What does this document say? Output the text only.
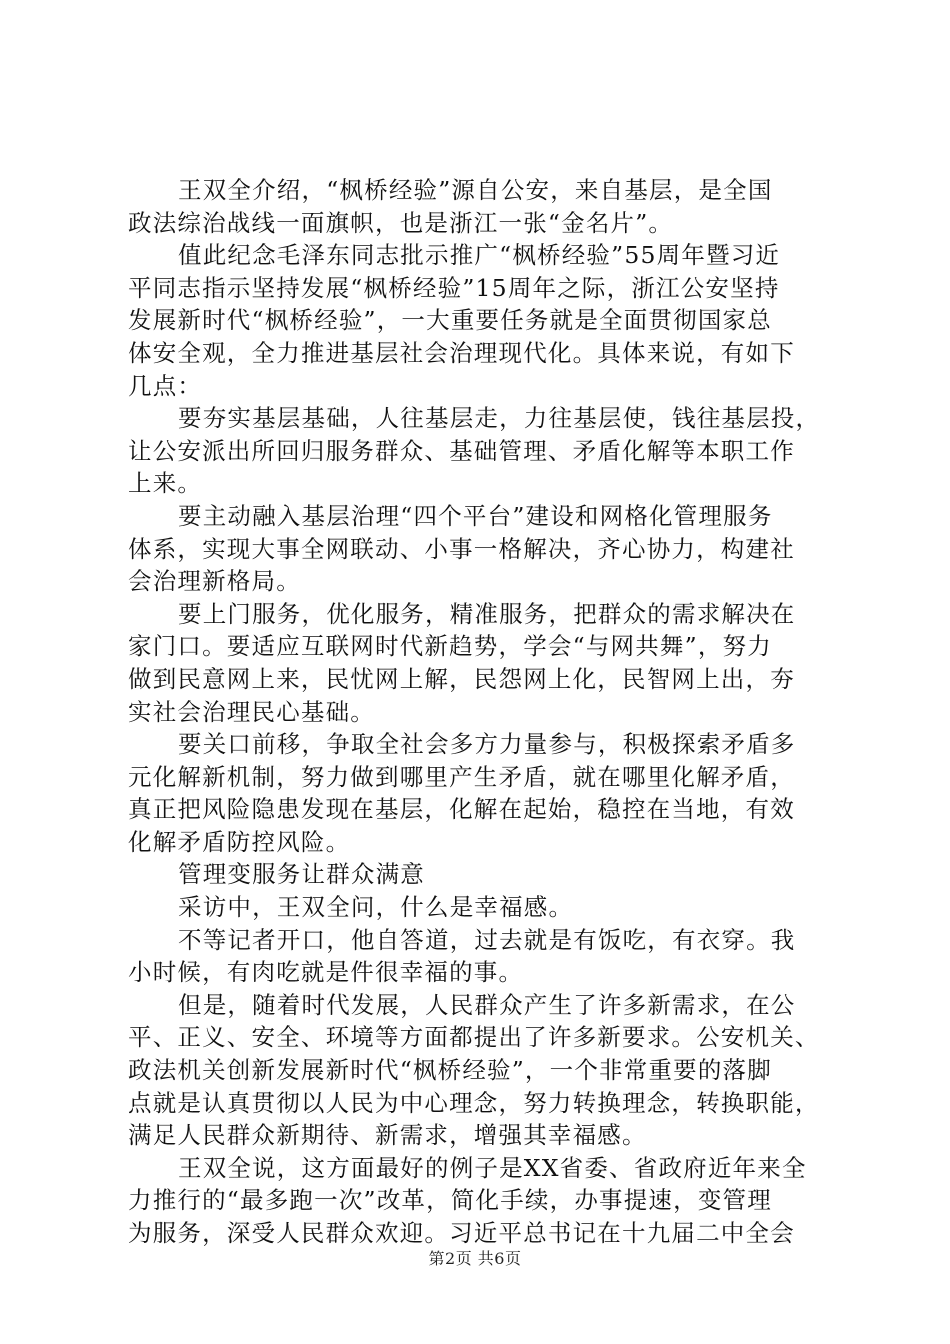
王双全介绍，“枫桥经验”源自公安，来自基层，是全国
政法综治战线一面旗帜，也是浙江一张“金名片”。
值此纪念毛泽东同志批示推广“枫桥经验”55周年暨习近
平同志指示坚持发展“枫桥经验”15周年之际，浙江公安坚持
发展新时代“枫桥经验”，一大重要任务就是全面贯彻国家总
体安全观，全力推进基层社会治理现代化。具体来说，有如下
几点：
要夯实基层基础，人往基层走，力往基层使，钱往基层投，
让公安派出所回归服务群众、基础管理、矛盾化解等本职工作
上来。
要主动融入基层治理“四个平台”建设和网格化管理服务
体系，实现大事全网联动、小事一格解决，齐心协力，构建社
会治理新格局。
要上门服务，优化服务，精准服务，把群众的需求解决在
家门口。要适应互联网时代新趋势，学会“与网共舞”，努力
做到民意网上来，民忧网上解，民怨网上化，民智网上出，夯
实社会治理民心基础。
要关口前移，争取全社会多方力量参与，积极探索矛盾多
元化解新机制，努力做到哪里产生矛盾，就在哪里化解矛盾，
真正把风险隐患发现在基层，化解在起始，稳控在当地，有效
化解矛盾防控风险。
管理变服务让群众满意
采访中，王双全问，什么是幸福感。
不等记者开口，他自答道，过去就是有饭吃，有衣穿。我
小时候，有肉吃就是件很幸福的事。
但是，随着时代发展，人民群众产生了许多新需求，在公
平、正义、安全、环境等方面都提出了许多新要求。公安机关、
政法机关创新发展新时代“枫桥经验”，一个非常重要的落脚
点就是认真贯彻以人民为中心理念，努力转换理念，转换职能，
满足人民群众新期待、新需求，增强其幸福感。
王双全说，这方面最好的例子是XX省委、省政府近年来全
力推行的“最多跑一次”改革，简化手续，办事提速，变管理
为服务，深受人民群众欢迎。习近平总书记在十九届二中全会
第2页 共6页
